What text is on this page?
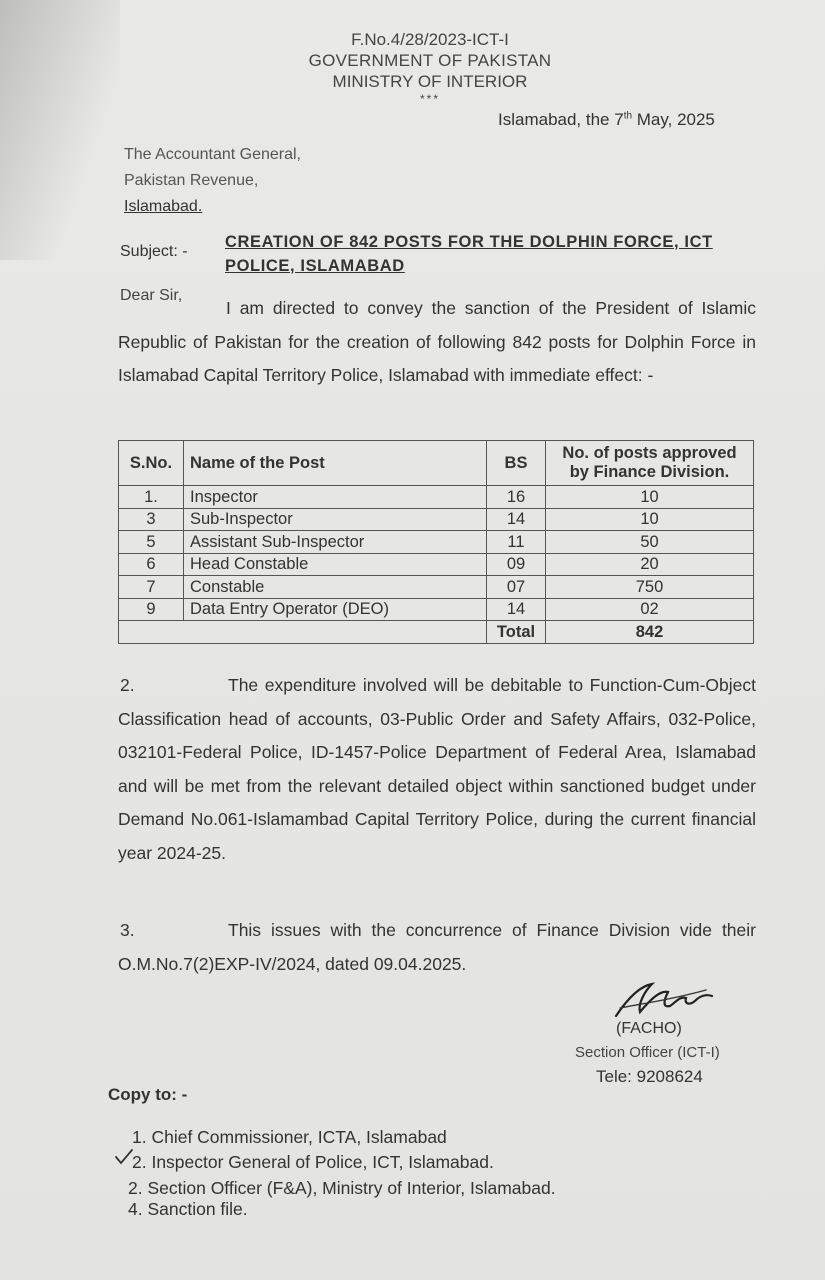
F.No.4/28/2023-ICT-I
GOVERNMENT OF PAKISTAN
MINISTRY OF INTERIOR
***
Islamabad, the 7th May, 2025
The Accountant General,
Pakistan Revenue,
Islamabad.
Subject: -
CREATION OF 842 POSTS FOR THE DOLPHIN FORCE, ICT POLICE, ISLAMABAD
Dear Sir,
I am directed to convey the sanction of the President of Islamic Republic of Pakistan for the creation of following 842 posts for Dolphin Force in Islamabad Capital Territory Police, Islamabad with immediate effect: -
S.No.	Name of the Post	BS	No. of posts approved by Finance Division.
1.	Inspector	16	10
3	Sub-Inspector	14	10
5	Assistant Sub-Inspector	11	50
6	Head Constable	09	20
7	Constable	07	750
9	Data Entry Operator (DEO)	14	02
		Total	842
2.	The expenditure involved will be debitable to Function-Cum-Object Classification head of accounts, 03-Public Order and Safety Affairs, 032-Police, 032101-Federal Police, ID-1457-Police Department of Federal Area, Islamabad and will be met from the relevant detailed object within sanctioned budget under Demand No.061-Islamambad Capital Territory Police, during the current financial year 2024-25.
3.	This issues with the concurrence of Finance Division vide their O.M.No.7(2)EXP-IV/2024, dated 09.04.2025.
(FACHO)
Section Officer (ICT-I)
Tele: 9208624
Copy to: -
1. Chief Commissioner, ICTA, Islamabad
2. Inspector General of Police, ICT, Islamabad.
2. Section Officer (F&A), Ministry of Interior, Islamabad.
4. Sanction file.
